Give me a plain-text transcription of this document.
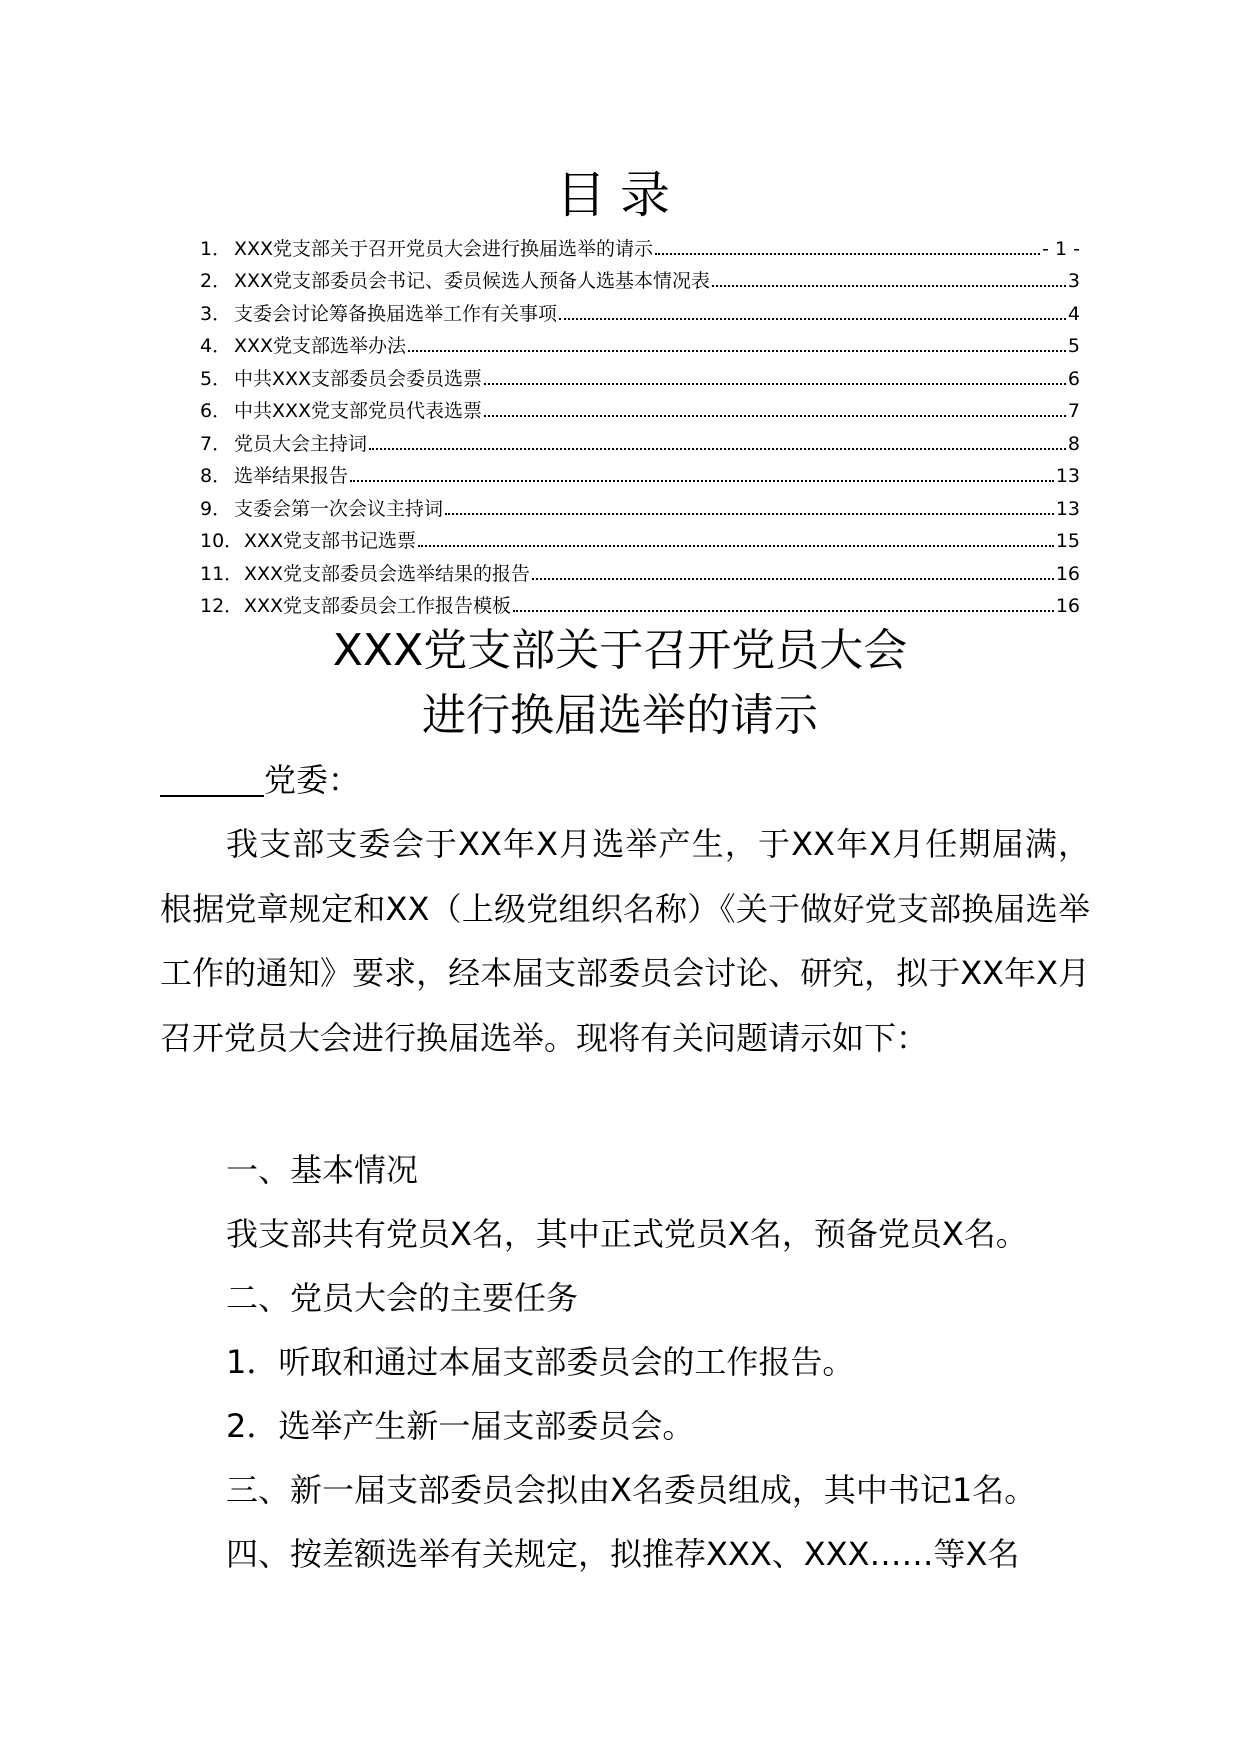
目录
1． XXX党支部关于召开党员大会进行换届选举的请示	- 1 -
2． XXX党支部委员会书记、委员候选人预备人选基本情况表	3
3． 支委会讨论筹备换届选举工作有关事项	4
4． XXX党支部选举办法	5
5． 中共XXX支部委员会委员选票	6
6． 中共XXX党支部党员代表选票	7
7． 党员大会主持词	8
8． 选举结果报告	13
9． 支委会第一次会议主持词	13
10． XXX党支部书记选票	15
11． XXX党支部委员会选举结果的报告	16
12． XXX党支部委员会工作报告模板	16
XXX党支部关于召开党员大会
进行换届选举的请示
党委：

我支部支委会于XX年X月选举产生，于XX年X月任期届满，根据党章规定和XX（上级党组织名称）《关于做好党支部换届选举工作的通知》要求，经本届支部委员会讨论、研究，拟于XX年X月召开党员大会进行换届选举。现将有关问题请示如下：

一、基本情况
我支部共有党员X名，其中正式党员X名，预备党员X名。
二、党员大会的主要任务
1．听取和通过本届支部委员会的工作报告。
2．选举产生新一届支部委员会。
三、新一届支部委员会拟由X名委员组成，其中书记1名。
四、按差额选举有关规定，拟推荐XXX、XXX……等X名
